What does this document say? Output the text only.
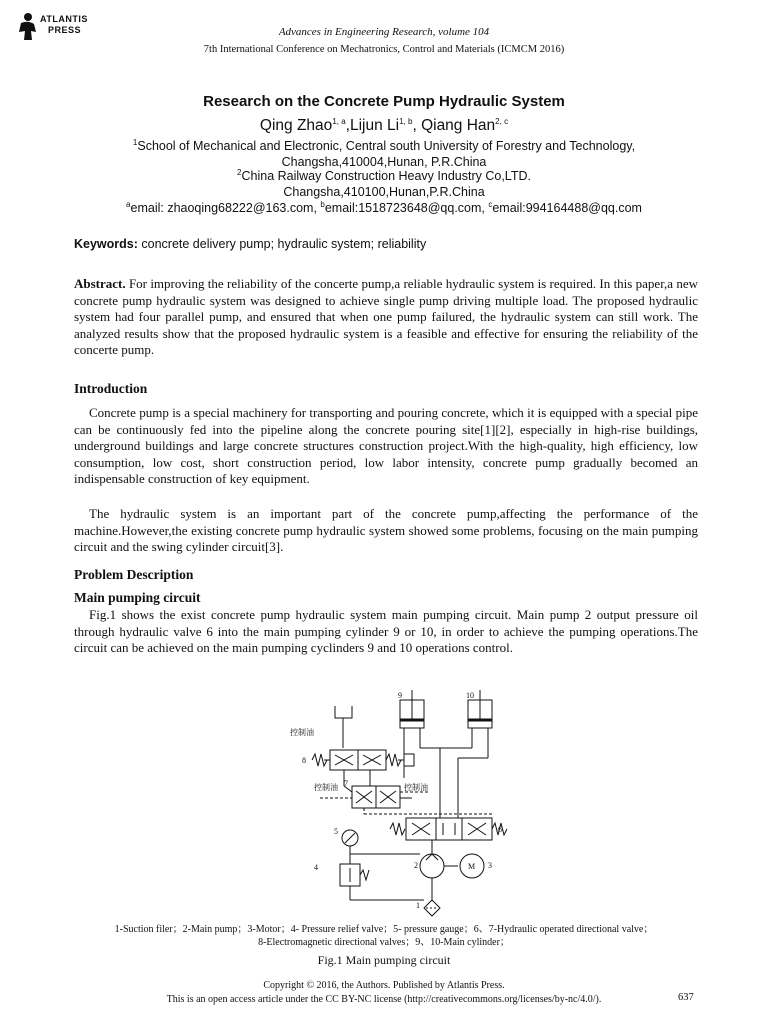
ATLANTIS
PRESS	Advances in Engineering Research, volume 104
7th International Conference on Mechatronics, Control and Materials (ICMCM 2016)
Research on the Concrete Pump Hydraulic System
Qing Zhao$^{1, a}$,Lijun Li$^{1, b}$, Qiang Han$^{2, c}$
$^1$School of Mechanical and Electronic, Central south University of Forestry and Technology,
Changsha,410004,Hunan, P.R.China
$^2$China Railway Construction Heavy Industry Co,LTD.
Changsha,410100,Hunan,P.R.China
$^a$email: zhaoqing68222@163.com, $^b$email:1518723648@qq.com, $^c$email:994164488@qq.com
Keywords: concrete delivery pump; hydraulic system; reliability
Abstract. For improving the reliability of the concerte pump,a reliable hydraulic system is required. In this paper,a new concrete pump hydraulic system was designed to achieve single pump driving multiple load. The proposed hydraulic system had four parallel pump, and ensured that when one pump failured, the hydraulic system can still work. The analyzed results show that the proposed hydraulic system is a feasible and effective for ensuring the reliability of the concerte pump.
Introduction
Concrete pump is a special machinery for transporting and pouring concrete, which it is equipped with a special pipe can be continuously fed into the pipeline along the concrete pouring site[1][2], especially in high-rise buildings, underground buildings and large concrete structures construction project.With the high-quality, high efficiency, low consumption, low cost, short construction period, low labor intensity, concrete pump gradually becomed an indispensable construction of key equipment.
The hydraulic system is an important part of the concrete pump,affecting the performance of the machine.However,the existing concrete pump hydraulic system showed some problems, focusing on the main pumping circuit and the swing cylinder circuit[3].
Problem Description
Main pumping circuit
Fig.1 shows the exist concrete pump hydraulic system main pumping circuit. Main pump 2 output pressure oil through hydraulic valve 6 into the main pumping cylinder 9 or 10, in order to achieve the pumping operations.The circuit can be achieved on the main pumping cyclinders 9 and 10 operations control.
9	10
控制油
8
控制油 7	控制油
6
5
4	2	M 3
1
1-Suction filer；2-Main pump；3-Motor；4- Pressure relief valve；5- pressure gauge；6、7-Hydraulic operated directional valve；
8-Electromagnetic directional valves；9、10-Main cylinder；
Fig.1 Main pumping circuit
Copyright © 2016, the Authors. Published by Atlantis Press.
This is an open access article under the CC BY-NC license (http://creativecommons.org/licenses/by-nc/4.0/).	637
